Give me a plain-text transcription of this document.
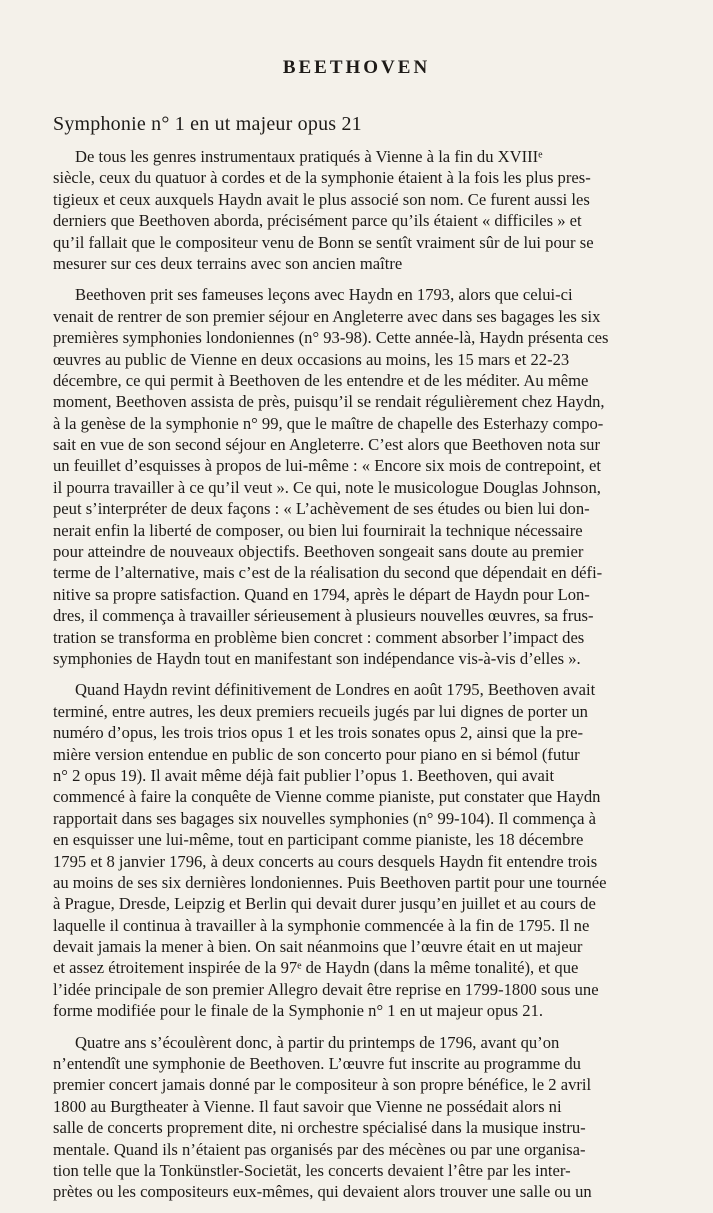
BEETHOVEN
Symphonie n° 1 en ut majeur opus 21
De tous les genres instrumentaux pratiqués à Vienne à la fin du XVIIIᵉ
siècle, ceux du quatuor à cordes et de la symphonie étaient à la fois les plus pres-
tigieux et ceux auxquels Haydn avait le plus associé son nom. Ce furent aussi les
derniers que Beethoven aborda, précisément parce qu’ils étaient « difficiles » et
qu’il fallait que le compositeur venu de Bonn se sentît vraiment sûr de lui pour se
mesurer sur ces deux terrains avec son ancien maître
Beethoven prit ses fameuses leçons avec Haydn en 1793, alors que celui-ci
venait de rentrer de son premier séjour en Angleterre avec dans ses bagages les six
premières symphonies londoniennes (n° 93-98). Cette année-là, Haydn présenta ces
œuvres au public de Vienne en deux occasions au moins, les 15 mars et 22-23
décembre, ce qui permit à Beethoven de les entendre et de les méditer. Au même
moment, Beethoven assista de près, puisqu’il se rendait régulièrement chez Haydn,
à la genèse de la symphonie n° 99, que le maître de chapelle des Esterhazy compo-
sait en vue de son second séjour en Angleterre. C’est alors que Beethoven nota sur
un feuillet d’esquisses à propos de lui-même : « Encore six mois de contrepoint, et
il pourra travailler à ce qu’il veut ». Ce qui, note le musicologue Douglas Johnson,
peut s’interpréter de deux façons : « L’achèvement de ses études ou bien lui don-
nerait enfin la liberté de composer, ou bien lui fournirait la technique nécessaire
pour atteindre de nouveaux objectifs. Beethoven songeait sans doute au premier
terme de l’alternative, mais c’est de la réalisation du second que dépendait en défi-
nitive sa propre satisfaction. Quand en 1794, après le départ de Haydn pour Lon-
dres, il commença à travailler sérieusement à plusieurs nouvelles œuvres, sa frus-
tration se transforma en problème bien concret : comment absorber l’impact des
symphonies de Haydn tout en manifestant son indépendance vis-à-vis d’elles ».
Quand Haydn revint définitivement de Londres en août 1795, Beethoven avait
terminé, entre autres, les deux premiers recueils jugés par lui dignes de porter un
numéro d’opus, les trois trios opus 1 et les trois sonates opus 2, ainsi que la pre-
mière version entendue en public de son concerto pour piano en si bémol (futur
n° 2 opus 19). Il avait même déjà fait publier l’opus 1. Beethoven, qui avait
commencé à faire la conquête de Vienne comme pianiste, put constater que Haydn
rapportait dans ses bagages six nouvelles symphonies (n° 99-104). Il commença à
en esquisser une lui-même, tout en participant comme pianiste, les 18 décembre
1795 et 8 janvier 1796, à deux concerts au cours desquels Haydn fit entendre trois
au moins de ses six dernières londoniennes. Puis Beethoven partit pour une tournée
à Prague, Dresde, Leipzig et Berlin qui devait durer jusqu’en juillet et au cours de
laquelle il continua à travailler à la symphonie commencée à la fin de 1795. Il ne
devait jamais la mener à bien. On sait néanmoins que l’œuvre était en ut majeur
et assez étroitement inspirée de la 97ᵉ de Haydn (dans la même tonalité), et que
l’idée principale de son premier Allegro devait être reprise en 1799-1800 sous une
forme modifiée pour le finale de la Symphonie n° 1 en ut majeur opus 21.
Quatre ans s’écoulèrent donc, à partir du printemps de 1796, avant qu’on
n’entendît une symphonie de Beethoven. L’œuvre fut inscrite au programme du
premier concert jamais donné par le compositeur à son propre bénéfice, le 2 avril
1800 au Burgtheater à Vienne. Il faut savoir que Vienne ne possédait alors ni
salle de concerts proprement dite, ni orchestre spécialisé dans la musique instru-
mentale. Quand ils n’étaient pas organisés par des mécènes ou par une organisa-
tion telle que la Tonkünstler-Societät, les concerts devaient l’être par les inter-
prètes ou les compositeurs eux-mêmes, qui devaient alors trouver une salle ou un
